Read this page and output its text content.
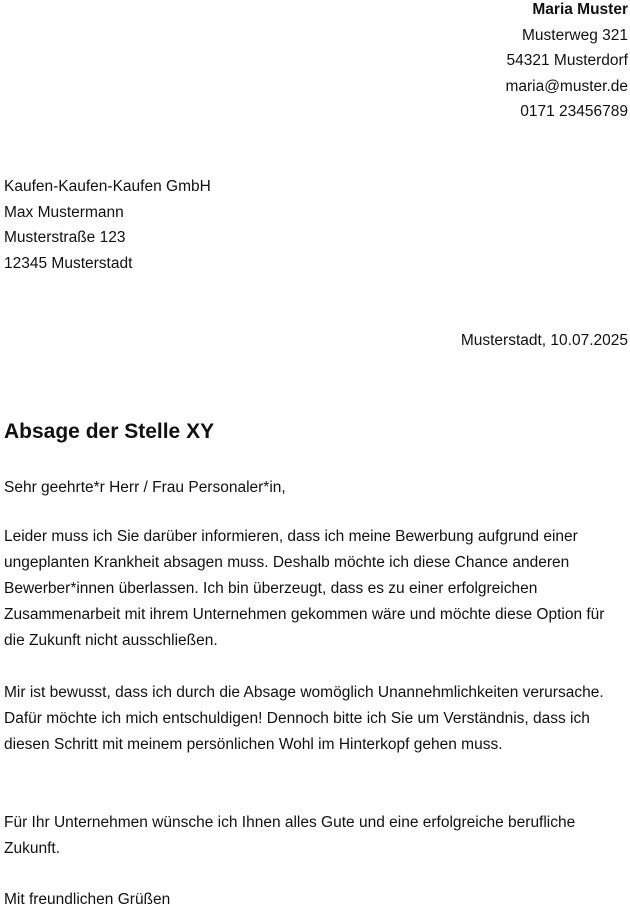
Maria Muster
Musterweg 321
54321 Musterdorf
maria@muster.de
0171 23456789
Kaufen-Kaufen-Kaufen GmbH
Max Mustermann
Musterstraße 123
12345 Musterstadt
Musterstadt, 10.07.2025
Absage der Stelle XY
Sehr geehrte*r Herr / Frau Personaler*in,

Leider muss ich Sie darüber informieren, dass ich meine Bewerbung aufgrund einer ungeplanten Krankheit absagen muss. Deshalb möchte ich diese Chance anderen Bewerber*innen überlassen. Ich bin überzeugt, dass es zu einer erfolgreichen Zusammenarbeit mit ihrem Unternehmen gekommen wäre und möchte diese Option für die Zukunft nicht ausschließen.

Mir ist bewusst, dass ich durch die Absage womöglich Unannehmlichkeiten verursache. Dafür möchte ich mich entschuldigen! Dennoch bitte ich Sie um Verständnis, dass ich diesen Schritt mit meinem persönlichen Wohl im Hinterkopf gehen muss.

Für Ihr Unternehmen wünsche ich Ihnen alles Gute und eine erfolgreiche berufliche Zukunft.

Mit freundlichen Grüßen
